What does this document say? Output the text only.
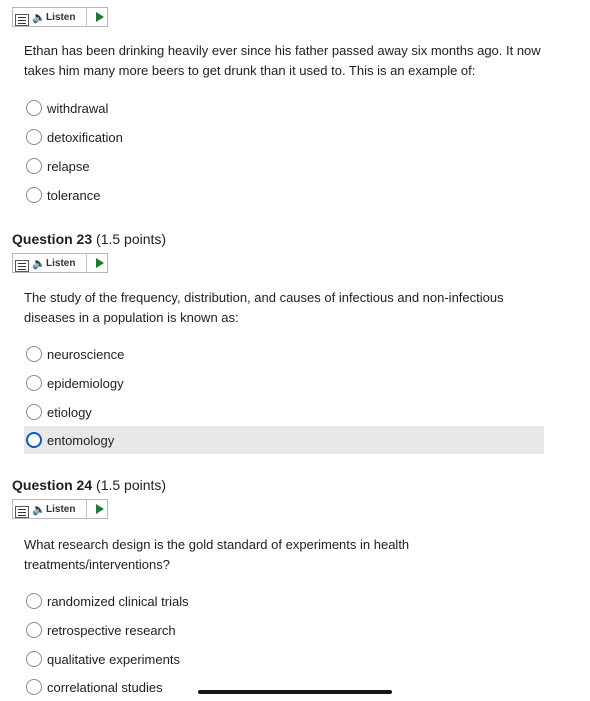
🔈 Listen
Ethan has been drinking heavily ever since his father passed away six months ago. It now takes him many more beers to get drunk than it used to. This is an example of:
withdrawal
detoxification
relapse
tolerance
Question 23 (1.5 points)
🔈 Listen
The study of the frequency, distribution, and causes of infectious and non-infectious diseases in a population is known as:
neuroscience
epidemiology
etiology
entomology
Question 24 (1.5 points)
🔈 Listen
What research design is the gold standard of experiments in health treatments/interventions?
randomized clinical trials
retrospective research
qualitative experiments
correlational studies
